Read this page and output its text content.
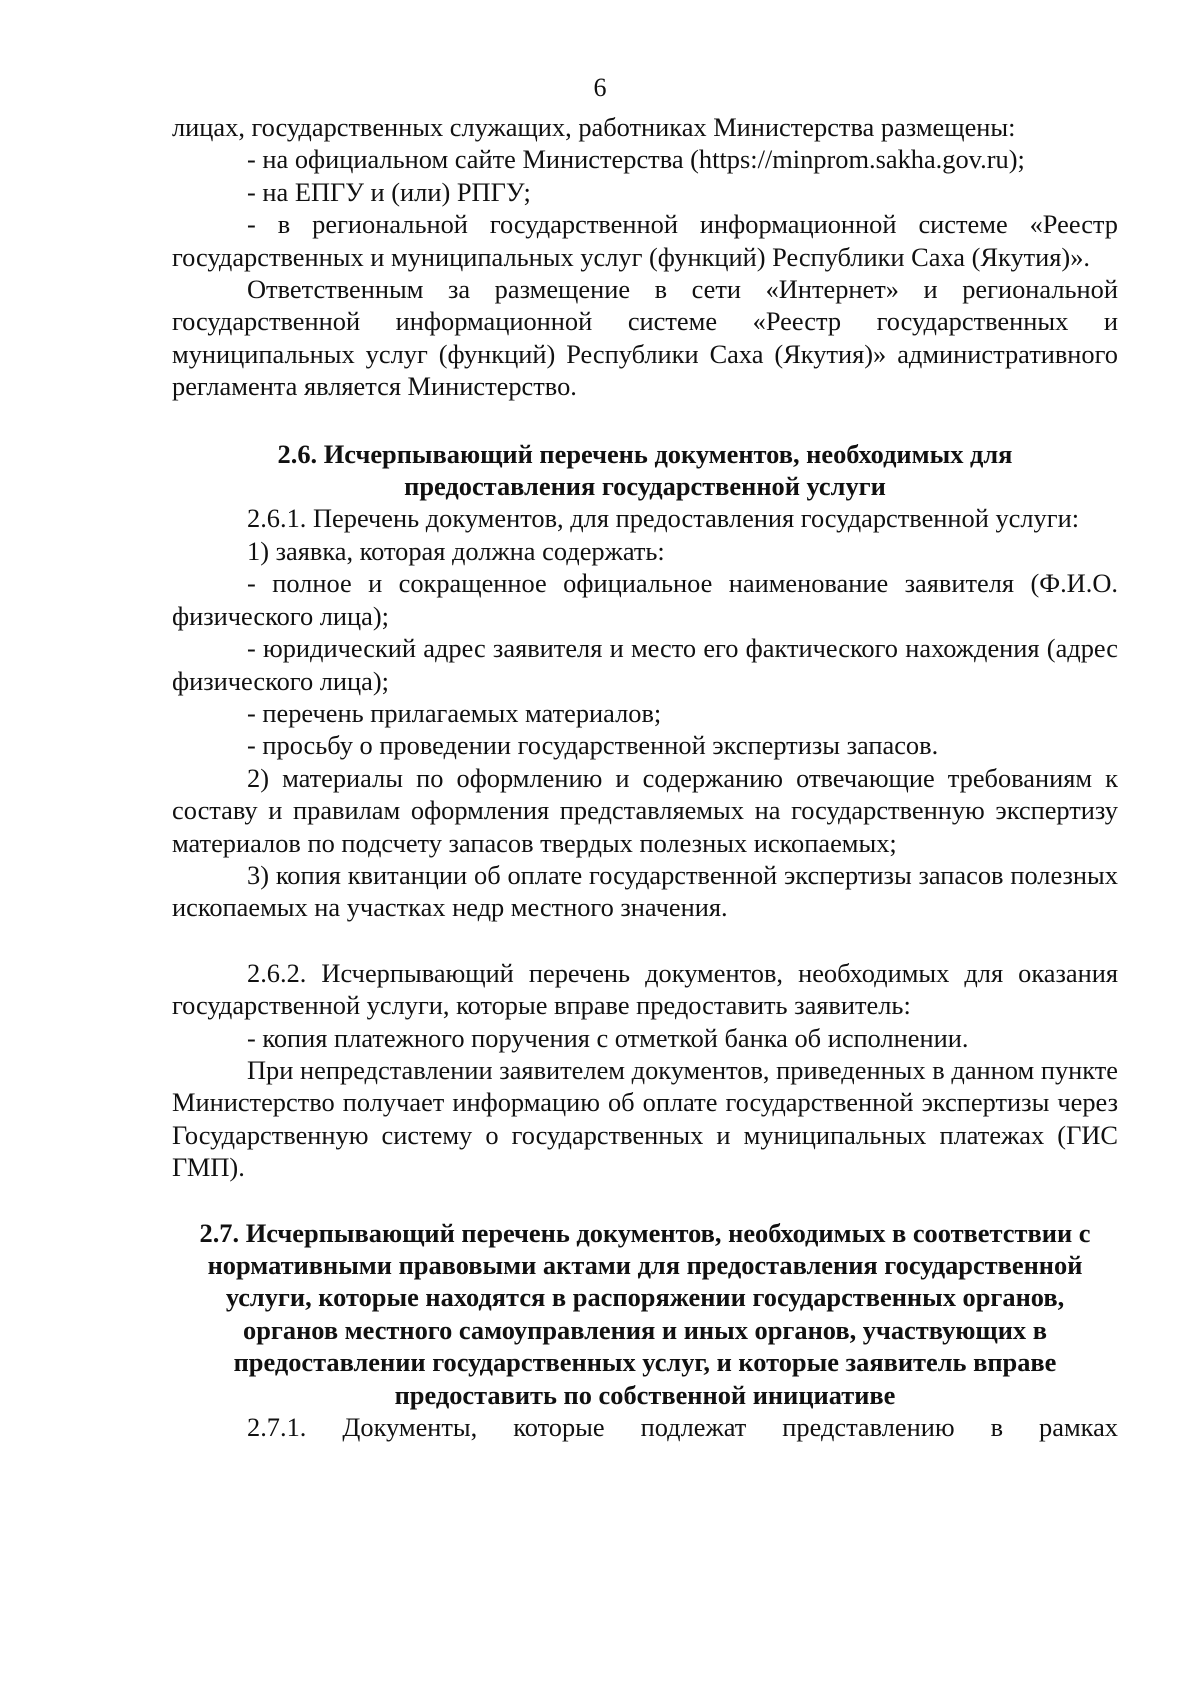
6

лицах, государственных служащих, работниках Министерства размещены:

- на официальном сайте Министерства (https://minprom.sakha.gov.ru);

- на ЕПГУ и (или) РПГУ;

- в региональной государственной информационной системе «Реестр государственных и муниципальных услуг (функций) Республики Саха (Якутия)».

Ответственным за размещение в сети «Интернет» и региональной государственной информационной системе «Реестр государственных и муниципальных услуг (функций) Республики Саха (Якутия)» административного регламента является Министерство.

2.6. Исчерпывающий перечень документов, необходимых для предоставления государственной услуги

2.6.1. Перечень документов, для предоставления государственной услуги:

1) заявка, которая должна содержать:

- полное и сокращенное официальное наименование заявителя (Ф.И.О. физического лица);

- юридический адрес заявителя и место его фактического нахождения (адрес физического лица);

- перечень прилагаемых материалов;

- просьбу о проведении государственной экспертизы запасов.

2) материалы по оформлению и содержанию отвечающие требованиям к составу и правилам оформления представляемых на государственную экспертизу материалов по подсчету запасов твердых полезных ископаемых;

3) копия квитанции об оплате государственной экспертизы запасов полезных ископаемых на участках недр местного значения.

2.6.2. Исчерпывающий перечень документов, необходимых для оказания государственной услуги, которые вправе предоставить заявитель:

- копия платежного поручения с отметкой банка об исполнении.

При непредставлении заявителем документов, приведенных в данном пункте Министерство получает информацию об оплате государственной экспертизы через Государственную систему о государственных и муниципальных платежах (ГИС ГМП).

2.7. Исчерпывающий перечень документов, необходимых в соответствии с нормативными правовыми актами для предоставления государственной услуги, которые находятся в распоряжении государственных органов, органов местного самоуправления и иных органов, участвующих в предоставлении государственных услуг, и которые заявитель вправе предоставить по собственной инициативе

2.7.1. Документы, которые подлежат представлению в рамках
